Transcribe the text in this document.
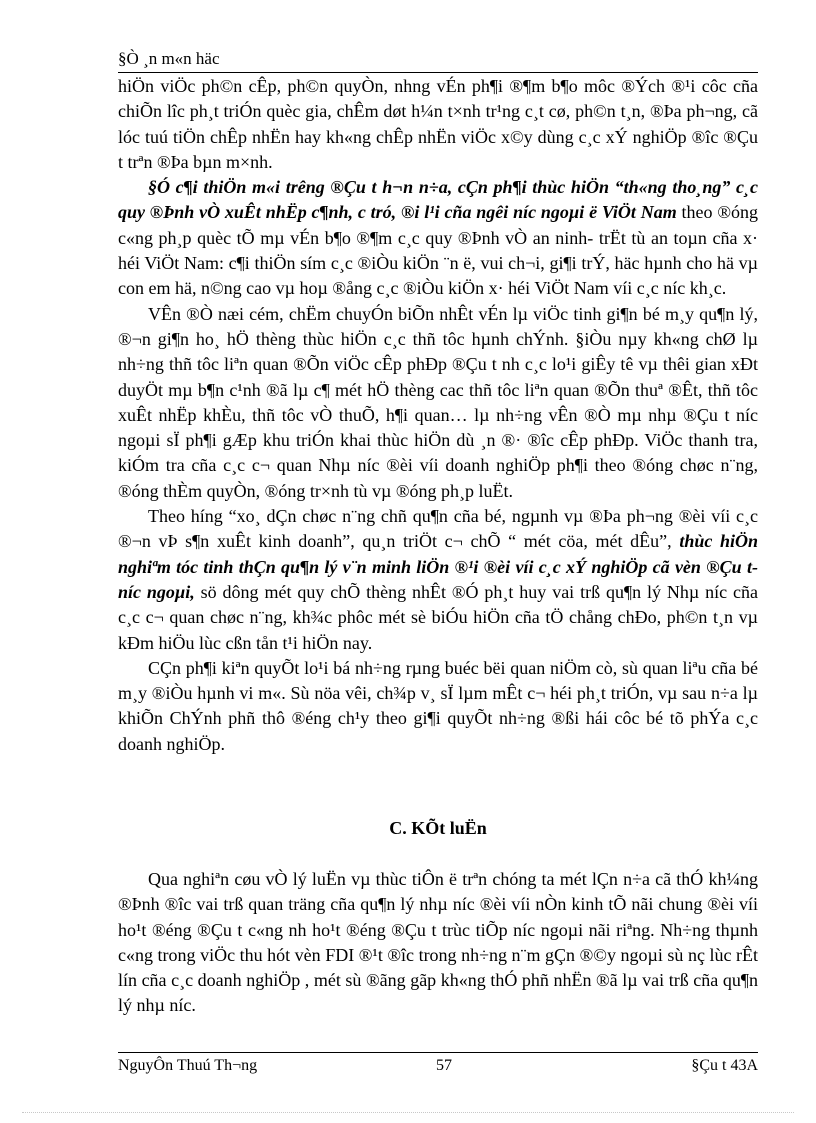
§Ò ¸n m«n häc

hiÖn viÖc ph©n cÊp, ph©n quyÒn, nhng vÉn ph¶i ®¶m b¶o môc ®Ých ®¹i côc cña chiÕn lîc ph¸t triÓn quèc gia, chÊm døt h¼n t×nh tr¹ng c¸t cø, ph©n t¸n, ®Þa ph¬ng, cã lóc tuú tiÖn chÊp nhËn hay kh«ng chÊp nhËn viÖc x©y dùng c¸c xÝ nghiÖp ®îc ®Çu t trªn ®Þa bµn m×nh.

§Ó c¶i thiÖn m«i trêng ®Çu t h¬n n÷a, cÇn ph¶i thùc hiÖn “th«ng tho¸ng” c¸c quy ®Þnh vÒ xuÊt nhËp c¶nh, c tró, ®i l¹i cña ngêi níc ngoµi ë ViÖt Nam theo ®óng c«ng ph¸p quèc tÕ mµ vÉn b¶o ®¶m c¸c quy ®Þnh vÒ an ninh- trËt tù an toµn cña x· héi ViÖt Nam: c¶i thiÖn sím c¸c ®iÒu kiÖn ¨n ë, vui ch¬i, gi¶i trÝ, häc hµnh cho hä vµ con em hä, n©ng cao vµ hoµ ®ång c¸c ®iÒu kiÖn x· héi ViÖt Nam víi c¸c níc kh¸c.

VÊn ®Ò næi cém, chËm chuyÓn biÕn nhÊt vÉn lµ viÖc tinh gi¶n bé m¸y qu¶n lý, ®¬n gi¶n ho¸ hÖ thèng thùc hiÖn c¸c thñ tôc hµnh chÝnh. §iÒu nµy kh«ng chØ lµ nh÷ng thñ tôc liªn quan ®Õn viÖc cÊp phÐp ®Çu t nh c¸c lo¹i giÊy tê vµ thêi gian xÐt duyÖt mµ b¶n c¹nh ®ã lµ c¶ mét hÖ thèng cac thñ tôc liªn quan ®Õn thuª ®Êt, thñ tôc xuÊt nhËp khÈu, thñ tôc vÒ thuÕ, h¶i quan… lµ nh÷ng vÊn ®Ò mµ nhµ ®Çu t níc ngoµi sÏ ph¶i gÆp khu triÓn khai thùc hiÖn dù ¸n ®· ®îc cÊp phÐp. ViÖc thanh tra, kiÓm tra cña c¸c c¬ quan Nhµ níc ®èi víi doanh nghiÖp ph¶i theo ®óng chøc n¨ng, ®óng thÈm quyÒn, ®óng tr×nh tù vµ ®óng ph¸p luËt.

Theo híng “xo¸ dÇn chøc n¨ng chñ qu¶n cña bé, ngµnh vµ ®Þa ph¬ng ®èi víi c¸c ®¬n vÞ s¶n xuÊt kinh doanh”, qu¸n triÖt c¬ chÕ “ mét cöa, mét dÊu”, thùc hiÖn nghiªm tóc tinh thÇn qu¶n lý v¨n minh liÖn ®¹i ®èi víi c¸c xÝ nghiÖp cã vèn ®Çu t níc ngoµi, sö dông mét quy chÕ thèng nhÊt ®Ó ph¸t huy vai trß qu¶n lý Nhµ níc cña c¸c c¬ quan chøc n¨ng, kh¾c phôc mét sè biÓu hiÖn cña tÖ chång chÐo, ph©n t¸n vµ kÐm hiÖu lùc cßn tån t¹i hiÖn nay.

CÇn ph¶i kiªn quyÕt lo¹i bá nh÷ng rµng buéc bëi quan niÖm cò, sù quan liªu cña bé m¸y ®iÒu hµnh vi m«. Sù nöa vêi, ch¾p v¸ sÏ lµm mÊt c¬ héi ph¸t triÓn, vµ sau n÷a lµ khiÕn ChÝnh phñ thô ®éng ch¹y theo gi¶i quyÕt nh÷ng ®ßi hái côc bé tõ phÝa c¸c doanh nghiÖp.

C. KÕt luËn

Qua nghiªn cøu vÒ lý luËn vµ thùc tiÔn ë trªn chóng ta mét lÇn n÷a cã thÓ kh¼ng ®Þnh ®îc vai trß quan träng cña qu¶n lý nhµ níc ®èi víi nÒn kinh tÕ nãi chung ®èi víi ho¹t ®éng ®Çu t c«ng nh ho¹t ®éng ®Çu t trùc tiÕp níc ngoµi nãi riªng. Nh÷ng thµnh c«ng trong viÖc thu hót vèn FDI ®¹t ®îc trong nh÷ng n¨m gÇn ®©y ngoµi sù nç lùc rÊt lín cña c¸c doanh nghiÖp , mét sù ®ãng gãp kh«ng thÓ phñ nhËn ®ã lµ vai trß cña qu¶n lý nhµ níc.

NguyÔn Thuú Th¬ng	57	§Çu t 43A
